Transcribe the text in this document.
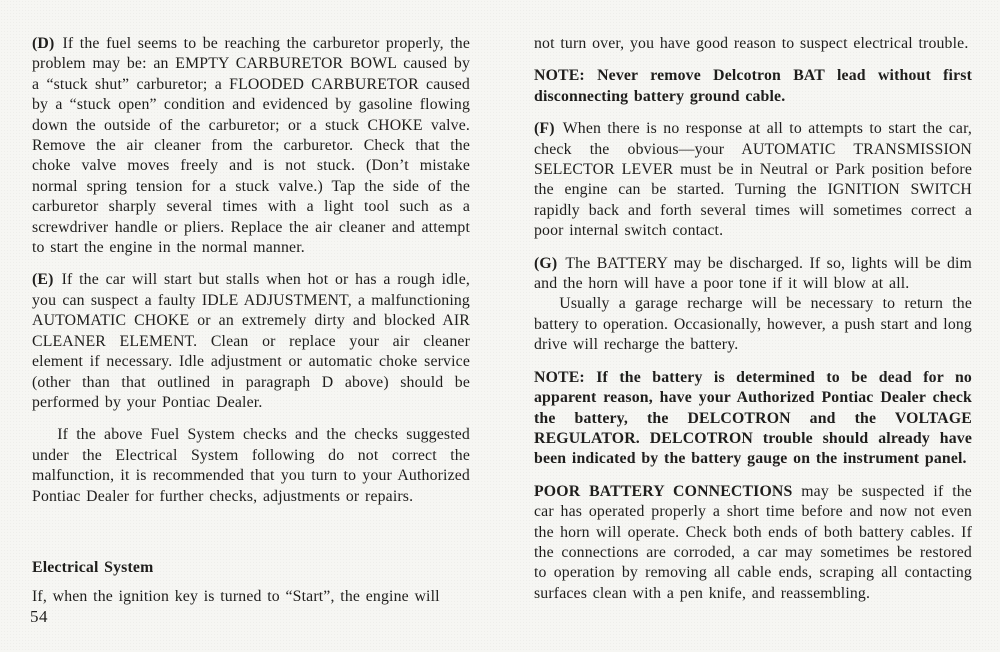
(D) If the fuel seems to be reaching the carburetor properly, the problem may be: an EMPTY CARBURETOR BOWL caused by a “stuck shut” carburetor; a FLOODED CARBURETOR caused by a “stuck open” condition and evidenced by gasoline flowing down the outside of the carburetor; or a stuck CHOKE valve. Remove the air cleaner from the carburetor. Check that the choke valve moves freely and is not stuck. (Don’t mistake normal spring tension for a stuck valve.) Tap the side of the carburetor sharply several times with a light tool such as a screwdriver handle or pliers. Replace the air cleaner and attempt to start the engine in the normal manner.

(E) If the car will start but stalls when hot or has a rough idle, you can suspect a faulty IDLE ADJUSTMENT, a malfunctioning AUTOMATIC CHOKE or an extremely dirty and blocked AIR CLEANER ELEMENT. Clean or replace your air cleaner element if necessary. Idle adjustment or automatic choke service (other than that outlined in paragraph D above) should be performed by your Pontiac Dealer.

If the above Fuel System checks and the checks suggested under the Electrical System following do not correct the malfunction, it is recommended that you turn to your Authorized Pontiac Dealer for further checks, adjustments or repairs.

Electrical System

If, when the ignition key is turned to “Start”, the engine will

not turn over, you have good reason to suspect electrical trouble.

NOTE: Never remove Delcotron BAT lead without first disconnecting battery ground cable.

(F) When there is no response at all to attempts to start the car, check the obvious—your AUTOMATIC TRANSMISSION SELECTOR LEVER must be in Neutral or Park position before the engine can be started. Turning the IGNITION SWITCH rapidly back and forth several times will sometimes correct a poor internal switch contact.

(G) The BATTERY may be discharged. If so, lights will be dim and the horn will have a poor tone if it will blow at all.

Usually a garage recharge will be necessary to return the battery to operation. Occasionally, however, a push start and long drive will recharge the battery.

NOTE: If the battery is determined to be dead for no apparent reason, have your Authorized Pontiac Dealer check the battery, the DELCOTRON and the VOLTAGE REGULATOR. DELCOTRON trouble should already have been indicated by the battery gauge on the instrument panel.

POOR BATTERY CONNECTIONS may be suspected if the car has operated properly a short time before and now not even the horn will operate. Check both ends of both battery cables. If the connections are corroded, a car may sometimes be restored to operation by removing all cable ends, scraping all contacting surfaces clean with a pen knife, and reassembling.

54
